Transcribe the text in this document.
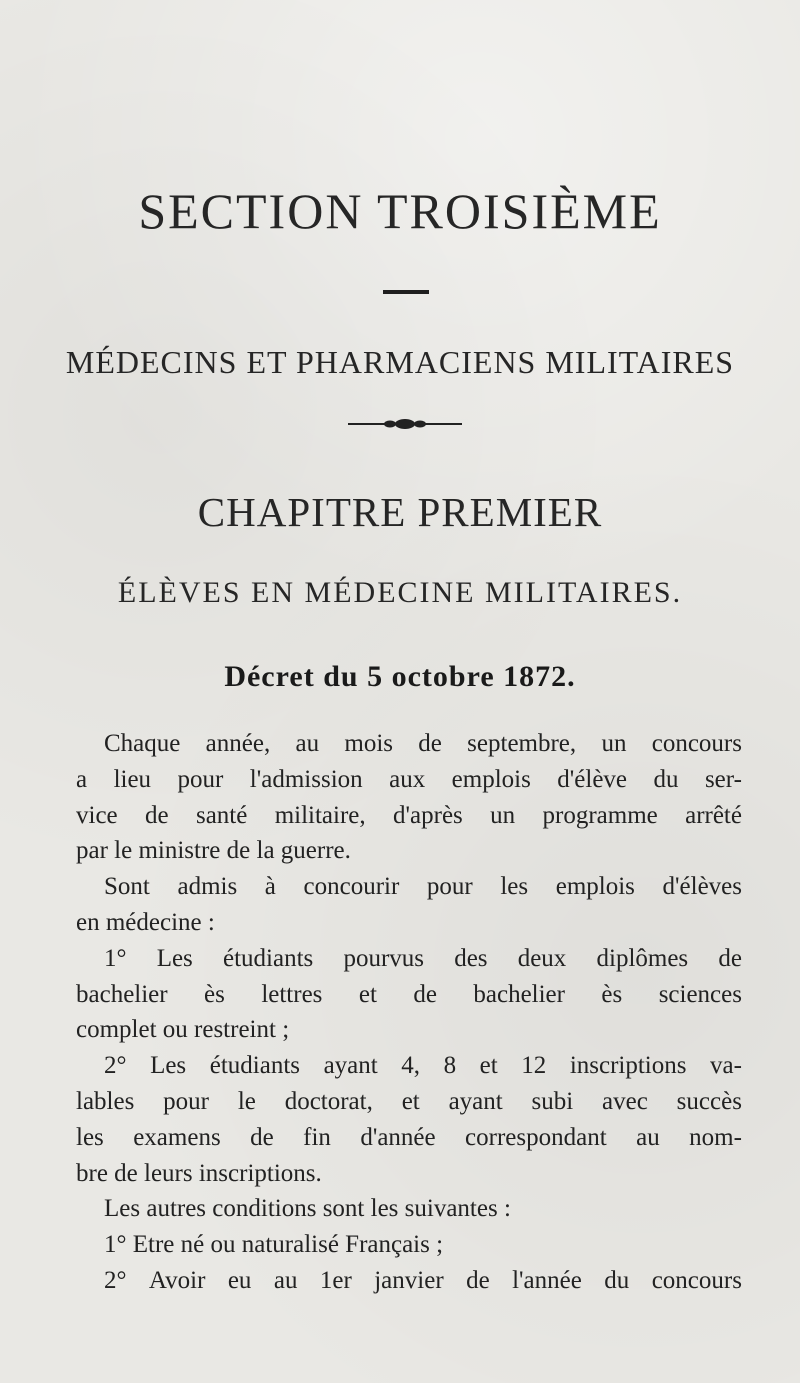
SECTION TROISIÈME
MÉDECINS ET PHARMACIENS MILITAIRES
CHAPITRE PREMIER
ÉLÈVES EN MÉDECINE MILITAIRES.
Décret du 5 octobre 1872.
Chaque année, au mois de septembre, un concours
a lieu pour l'admission aux emplois d'élève du ser-
vice de santé militaire, d'après un programme arrêté
par le ministre de la guerre.
Sont admis à concourir pour les emplois d'élèves
en médecine :
1° Les étudiants pourvus des deux diplômes de
bachelier ès lettres et de bachelier ès sciences
complet ou restreint ;
2° Les étudiants ayant 4, 8 et 12 inscriptions va-
lables pour le doctorat, et ayant subi avec succès
les examens de fin d'année correspondant au nom-
bre de leurs inscriptions.
Les autres conditions sont les suivantes :
1° Etre né ou naturalisé Français ;
2° Avoir eu au 1er janvier de l'année du concours
